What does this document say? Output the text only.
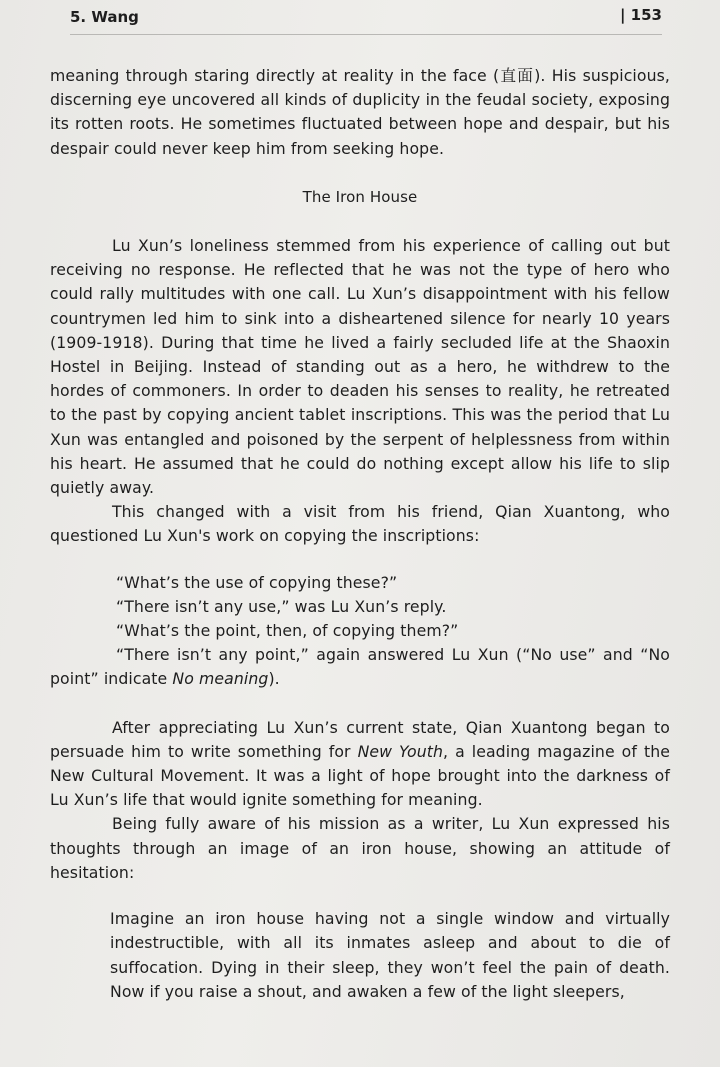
5. Wang	| 153

meaning through staring directly at reality in the face (直面). His suspicious, discerning eye uncovered all kinds of duplicity in the feudal society, exposing its rotten roots. He sometimes fluctuated between hope and despair, but his despair could never keep him from seeking hope.

The Iron House

Lu Xun’s loneliness stemmed from his experience of calling out but receiving no response. He reflected that he was not the type of hero who could rally multitudes with one call. Lu Xun’s disappointment with his fellow countrymen led him to sink into a disheartened silence for nearly 10 years (1909-1918). During that time he lived a fairly secluded life at the Shaoxin Hostel in Beijing. Instead of standing out as a hero, he withdrew to the hordes of commoners. In order to deaden his senses to reality, he retreated to the past by copying ancient tablet inscriptions. This was the period that Lu Xun was entangled and poisoned by the serpent of helplessness from within his heart. He assumed that he could do nothing except allow his life to slip quietly away.

This changed with a visit from his friend, Qian Xuantong, who questioned Lu Xun's work on copying the inscriptions:

“What’s the use of copying these?”

“There isn’t any use,” was Lu Xun’s reply.

“What’s the point, then, of copying them?”

“There isn’t any point,” again answered Lu Xun (“No use” and “No point” indicate No meaning).

After appreciating Lu Xun’s current state, Qian Xuantong began to persuade him to write something for New Youth, a leading magazine of the New Cultural Movement. It was a light of hope brought into the darkness of Lu Xun’s life that would ignite something for meaning.

Being fully aware of his mission as a writer, Lu Xun expressed his thoughts through an image of an iron house, showing an attitude of hesitation:

Imagine an iron house having not a single window and virtually indestructible, with all its inmates asleep and about to die of suffocation. Dying in their sleep, they won’t feel the pain of death. Now if you raise a shout, and awaken a few of the light sleepers,
